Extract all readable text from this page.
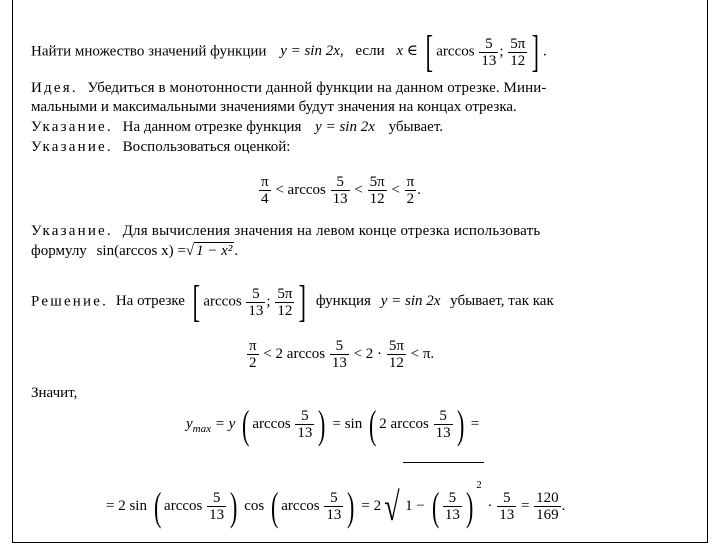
Найти множество значений функции y = sin 2x, если x ∈ [ $\arccos \frac{5}{13}$ ; $\frac{5\pi}{12}$ ] .
Идея. Убедиться в монотонности данной функции на данном отрезке. Мини-
мальными и максимальными значениями будут значения на концах отрезка.
Указание. На данном отрезке функция y = sin 2x убывает.
Указание. Воспользоваться оценкой:
$\frac{\pi}{4} < \arccos \frac{5}{13} < \frac{5\pi}{12} < \frac{\pi}{2}$ .
Указание. Для вычисления значения на левом конце отрезка использовать
формулу sin(arccos x) =√ 1 − x² .
Решение. На отрезке [ $\arccos \frac{5}{13}$ ; $\frac{5\pi}{12}$ ] функция y = sin 2x убывает, так как
$\frac{\pi}{2} < 2$ $\arccos \frac{5}{13} < 2 \cdot \frac{5\pi}{12} < \pi$.
Значит,
$y_{max} = y$ ( $\arccos \frac{5}{13}$ ) = sin ( 2 $\arccos \frac{5}{13}$ ) =
= 2 sin ( $\arccos \frac{5}{13}$ ) cos ( $\arccos \frac{5}{13}$ ) = 2√ 1 − ( $\frac{5}{13}$ ) $^2 \cdot \frac{5}{13} = \frac{120}{169}$ .
